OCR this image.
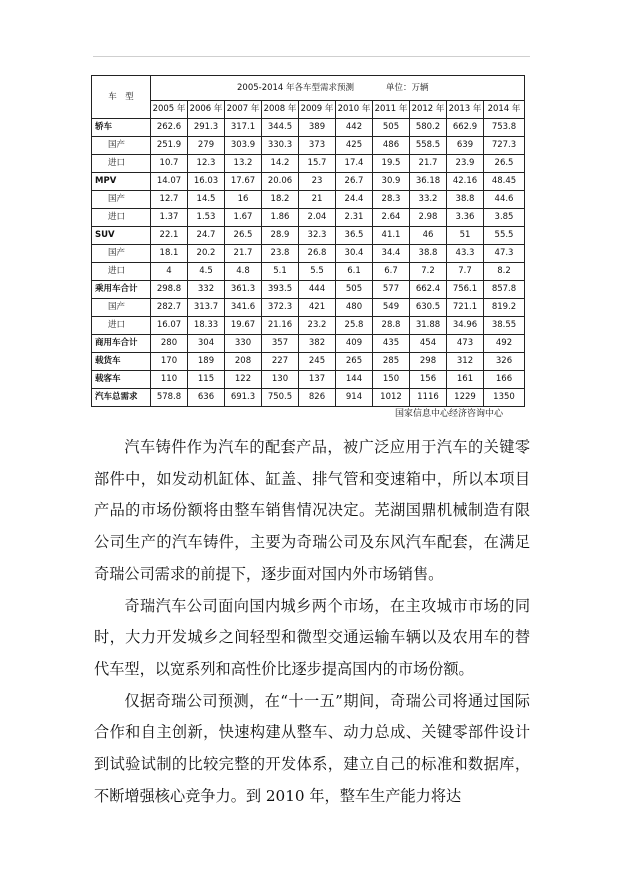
车　型	2005-2014 年各车型需求预测 单位：万辆									

	2005 年	2006 年	2007 年	2008 年	2009 年	2010 年	2011 年	2012 年	2013 年	2014 年
轿车	262.6	291.3	317.1	344.5	389	442	505	580.2	662.9	753.8
国产	251.9	279	303.9	330.3	373	425	486	558.5	639	727.3
进口	10.7	12.3	13.2	14.2	15.7	17.4	19.5	21.7	23.9	26.5
MPV	14.07	16.03	17.67	20.06	23	26.7	30.9	36.18	42.16	48.45
国产	12.7	14.5	16	18.2	21	24.4	28.3	33.2	38.8	44.6
进口	1.37	1.53	1.67	1.86	2.04	2.31	2.64	2.98	3.36	3.85
SUV	22.1	24.7	26.5	28.9	32.3	36.5	41.1	46	51	55.5
国产	18.1	20.2	21.7	23.8	26.8	30.4	34.4	38.8	43.3	47.3
进口	4	4.5	4.8	5.1	5.5	6.1	6.7	7.2	7.7	8.2
乘用车合计	298.8	332	361.3	393.5	444	505	577	662.4	756.1	857.8
国产	282.7	313.7	341.6	372.3	421	480	549	630.5	721.1	819.2
进口	16.07	18.33	19.67	21.16	23.2	25.8	28.8	31.88	34.96	38.55
商用车合计	280	304	330	357	382	409	435	454	473	492
载货车	170	189	208	227	245	265	285	298	312	326
载客车	110	115	122	130	137	144	150	156	161	166
汽车总需求	578.8	636	691.3	750.5	826	914	1012	1116	1229	1350
国家信息中心经济咨询中心

汽车铸件作为汽车的配套产品，被广泛应用于汽车的关键零部件中，如发动机缸体、缸盖、排气管和变速箱中，所以本项目产品的市场份额将由整车销售情况决定。芜湖国鼎机械制造有限公司生产的汽车铸件，主要为奇瑞公司及东风汽车配套，在满足奇瑞公司需求的前提下，逐步面对国内外市场销售。

奇瑞汽车公司面向国内城乡两个市场，在主攻城市市场的同时，大力开发城乡之间轻型和微型交通运输车辆以及农用车的替代车型，以宽系列和高性价比逐步提高国内的市场份额。

仅据奇瑞公司预测，在“十一五”期间，奇瑞公司将通过国际合作和自主创新，快速构建从整车、动力总成、关键零部件设计到试验试制的比较完整的开发体系，建立自己的标准和数据库，不断增强核心竞争力。到 2010 年，整车生产能力将达
